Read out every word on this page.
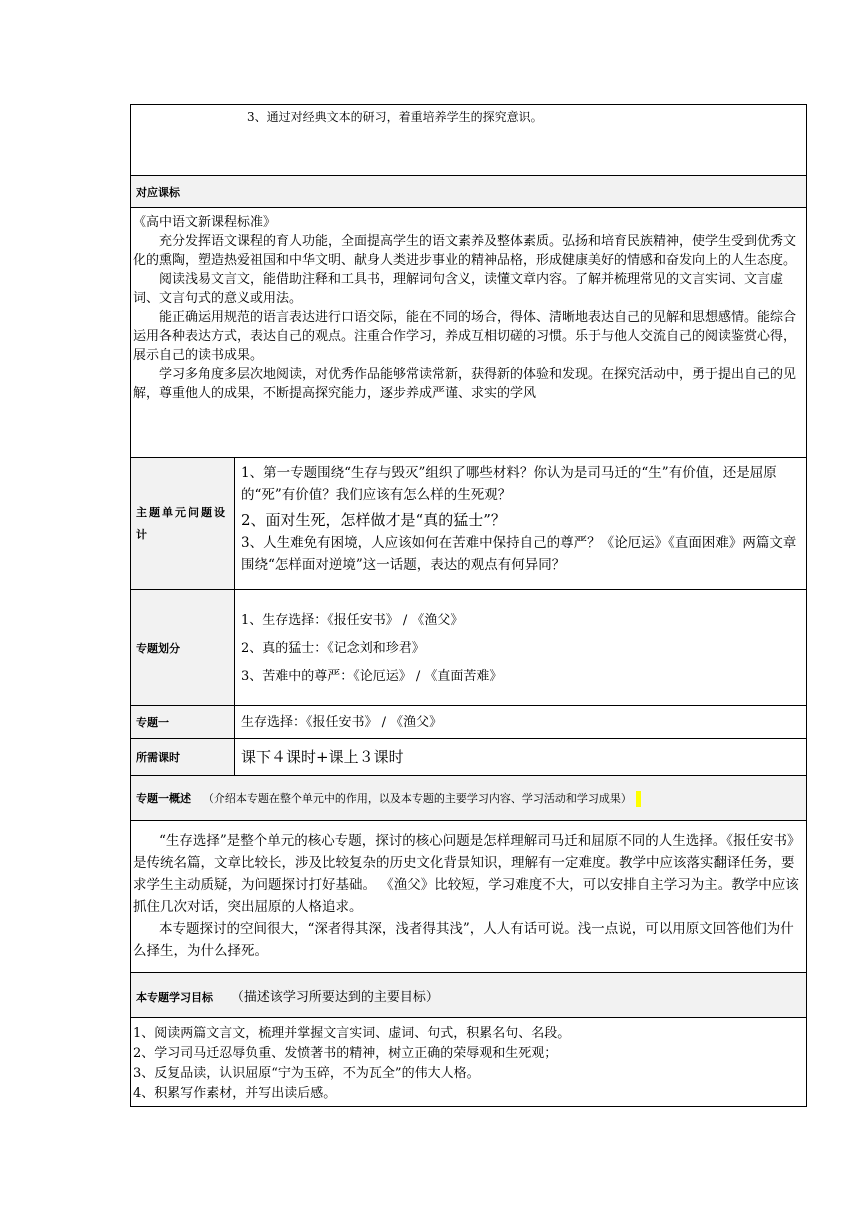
3、通过对经典文本的研习，着重培养学生的探究意识。	

对应课标	

《高中语文新课程标准》

充分发挥语文课程的育人功能，全面提高学生的语文素养及整体素质。弘扬和培育民族精神，使学生受到优秀文化的熏陶，塑造热爱祖国和中华文明、献身人类进步事业的精神品格，形成健康美好的情感和奋发向上的人生态度。

阅读浅易文言文，能借助注释和工具书，理解词句含义，读懂文章内容。了解并梳理常见的文言实词、文言虚词、文言句式的意义或用法。

能正确运用规范的语言表达进行口语交际，能在不同的场合，得体、清晰地表达自己的见解和思想感情。能综合运用各种表达方式，表达自己的观点。注重合作学习，养成互相切磋的习惯。乐于与他人交流自己的阅读鉴赏心得，展示自己的读书成果。

学习多角度多层次地阅读，对优秀作品能够常读常新，获得新的体验和发现。在探究活动中，勇于提出自己的见解，尊重他人的成果，不断提高探究能力，逐步养成严谨、求实的学风	

主题单元问题设计	1、第一专题围绕“生存与毁灭”组织了哪些材料？你认为是司马迁的“生”有价值，还是屈原的“死”有价值？我们应该有怎么样的生死观？

2、面对生死，怎样做才是“真的猛士”？

3、人生难免有困境，人应该如何在苦难中保持自己的尊严？《论厄运》《直面困难》两篇文章围绕“怎样面对逆境”这一话题，表达的观点有何异同？

专题划分	1、生存选择：《报任安书》 / 《渔父》

2、真的猛士：《记念刘和珍君》

3、苦难中的尊严：《论厄运》 / 《直面苦难》

专题一	生存选择：《报任安书》 / 《渔父》

所需课时	课下４课时+课上３课时

专题一概述 （介绍本专题在整个单元中的作用，以及本专题的主要学习内容、学习活动和学习成果）	

“生存选择”是整个单元的核心专题，探讨的核心问题是怎样理解司马迁和屈原不同的人生选择。《报任安书》是传统名篇，文章比较长，涉及比较复杂的历史文化背景知识，理解有一定难度。教学中应该落实翻译任务，要求学生主动质疑，为问题探讨打好基础。 《渔父》比较短，学习难度不大，可以安排自主学习为主。教学中应该抓住几次对话，突出屈原的人格追求。

本专题探讨的空间很大，“深者得其深，浅者得其浅”，人人有话可说。浅一点说，可以用原文回答他们为什么择生，为什么择死。	

本专题学习目标 （描述该学习所要达到的主要目标）	

1、阅读两篇文言文，梳理并掌握文言实词、虚词、句式，积累名句、名段。

2、学习司马迁忍辱负重、发愤著书的精神，树立正确的荣辱观和生死观；

3、反复品读，认识屈原“宁为玉碎，不为瓦全”的伟大人格。

4、积累写作素材，并写出读后感。	
